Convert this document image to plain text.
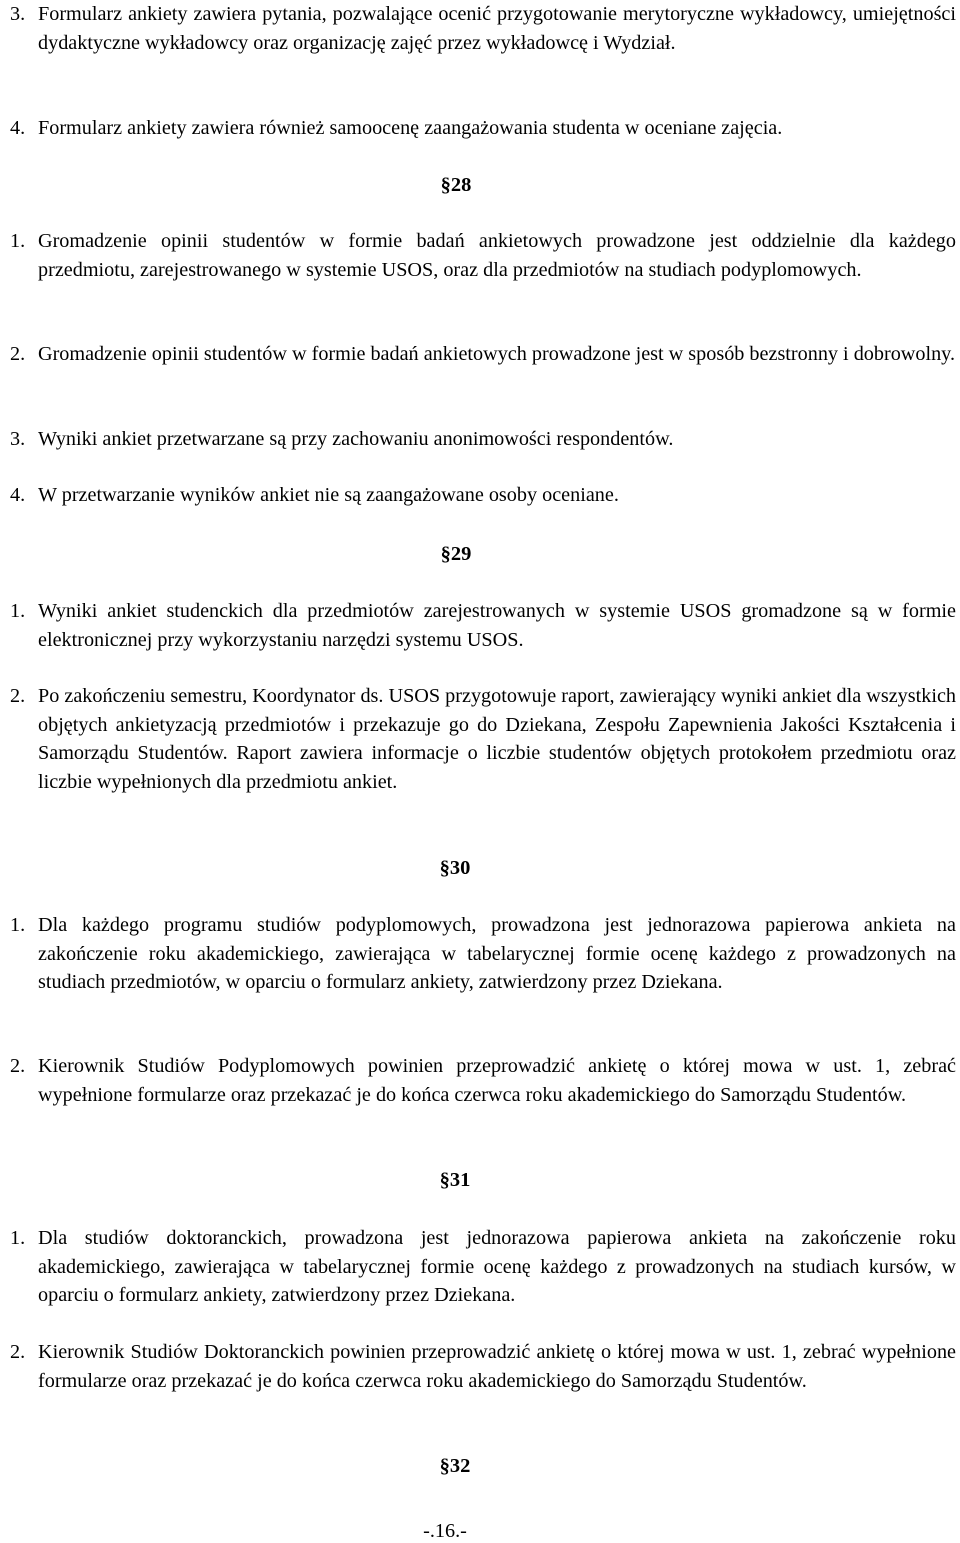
3. Formularz ankiety zawiera pytania, pozwalające ocenić przygotowanie merytoryczne wykładowcy, umiejętności dydaktyczne wykładowcy oraz organizację zajęć przez wykładowcę i Wydział.
4. Formularz ankiety zawiera również samoocenę zaangażowania studenta w oceniane zajęcia.
§28
1. Gromadzenie opinii studentów w formie badań ankietowych prowadzone jest oddzielnie dla każdego przedmiotu, zarejestrowanego w systemie USOS, oraz dla przedmiotów na studiach podyplomowych.
2. Gromadzenie opinii studentów w formie badań ankietowych prowadzone jest w sposób bezstronny i dobrowolny.
3. Wyniki ankiet przetwarzane są przy zachowaniu anonimowości respondentów.
4. W przetwarzanie wyników ankiet nie są zaangażowane osoby oceniane.
§29
1. Wyniki ankiet studenckich dla przedmiotów zarejestrowanych w systemie USOS gromadzone są w formie elektronicznej przy wykorzystaniu narzędzi systemu USOS.
2. Po zakończeniu semestru, Koordynator ds. USOS przygotowuje raport, zawierający wyniki ankiet dla wszystkich objętych ankietyzacją przedmiotów i przekazuje go do Dziekana, Zespołu Zapewnienia Jakości Kształcenia i Samorządu Studentów. Raport zawiera informacje o liczbie studentów objętych protokołem przedmiotu oraz liczbie wypełnionych dla przedmiotu ankiet.
§30
1. Dla każdego programu studiów podyplomowych, prowadzona jest jednorazowa papierowa ankieta na zakończenie roku akademickiego, zawierająca w tabelarycznej formie ocenę każdego z prowadzonych na studiach przedmiotów, w oparciu o formularz ankiety, zatwierdzony przez Dziekana.
2. Kierownik Studiów Podyplomowych powinien przeprowadzić ankietę o której mowa w ust. 1, zebrać wypełnione formularze oraz przekazać je do końca czerwca roku akademickiego do Samorządu Studentów.
§31
1. Dla studiów doktoranckich, prowadzona jest jednorazowa papierowa ankieta na zakończenie roku akademickiego, zawierająca w tabelarycznej formie ocenę każdego z prowadzonych na studiach kursów, w oparciu o formularz ankiety, zatwierdzony przez Dziekana.
2. Kierownik Studiów Doktoranckich powinien przeprowadzić ankietę o której mowa w ust. 1, zebrać wypełnione formularze oraz przekazać je do końca czerwca roku akademickiego do Samorządu Studentów.
§32
-.16.-
